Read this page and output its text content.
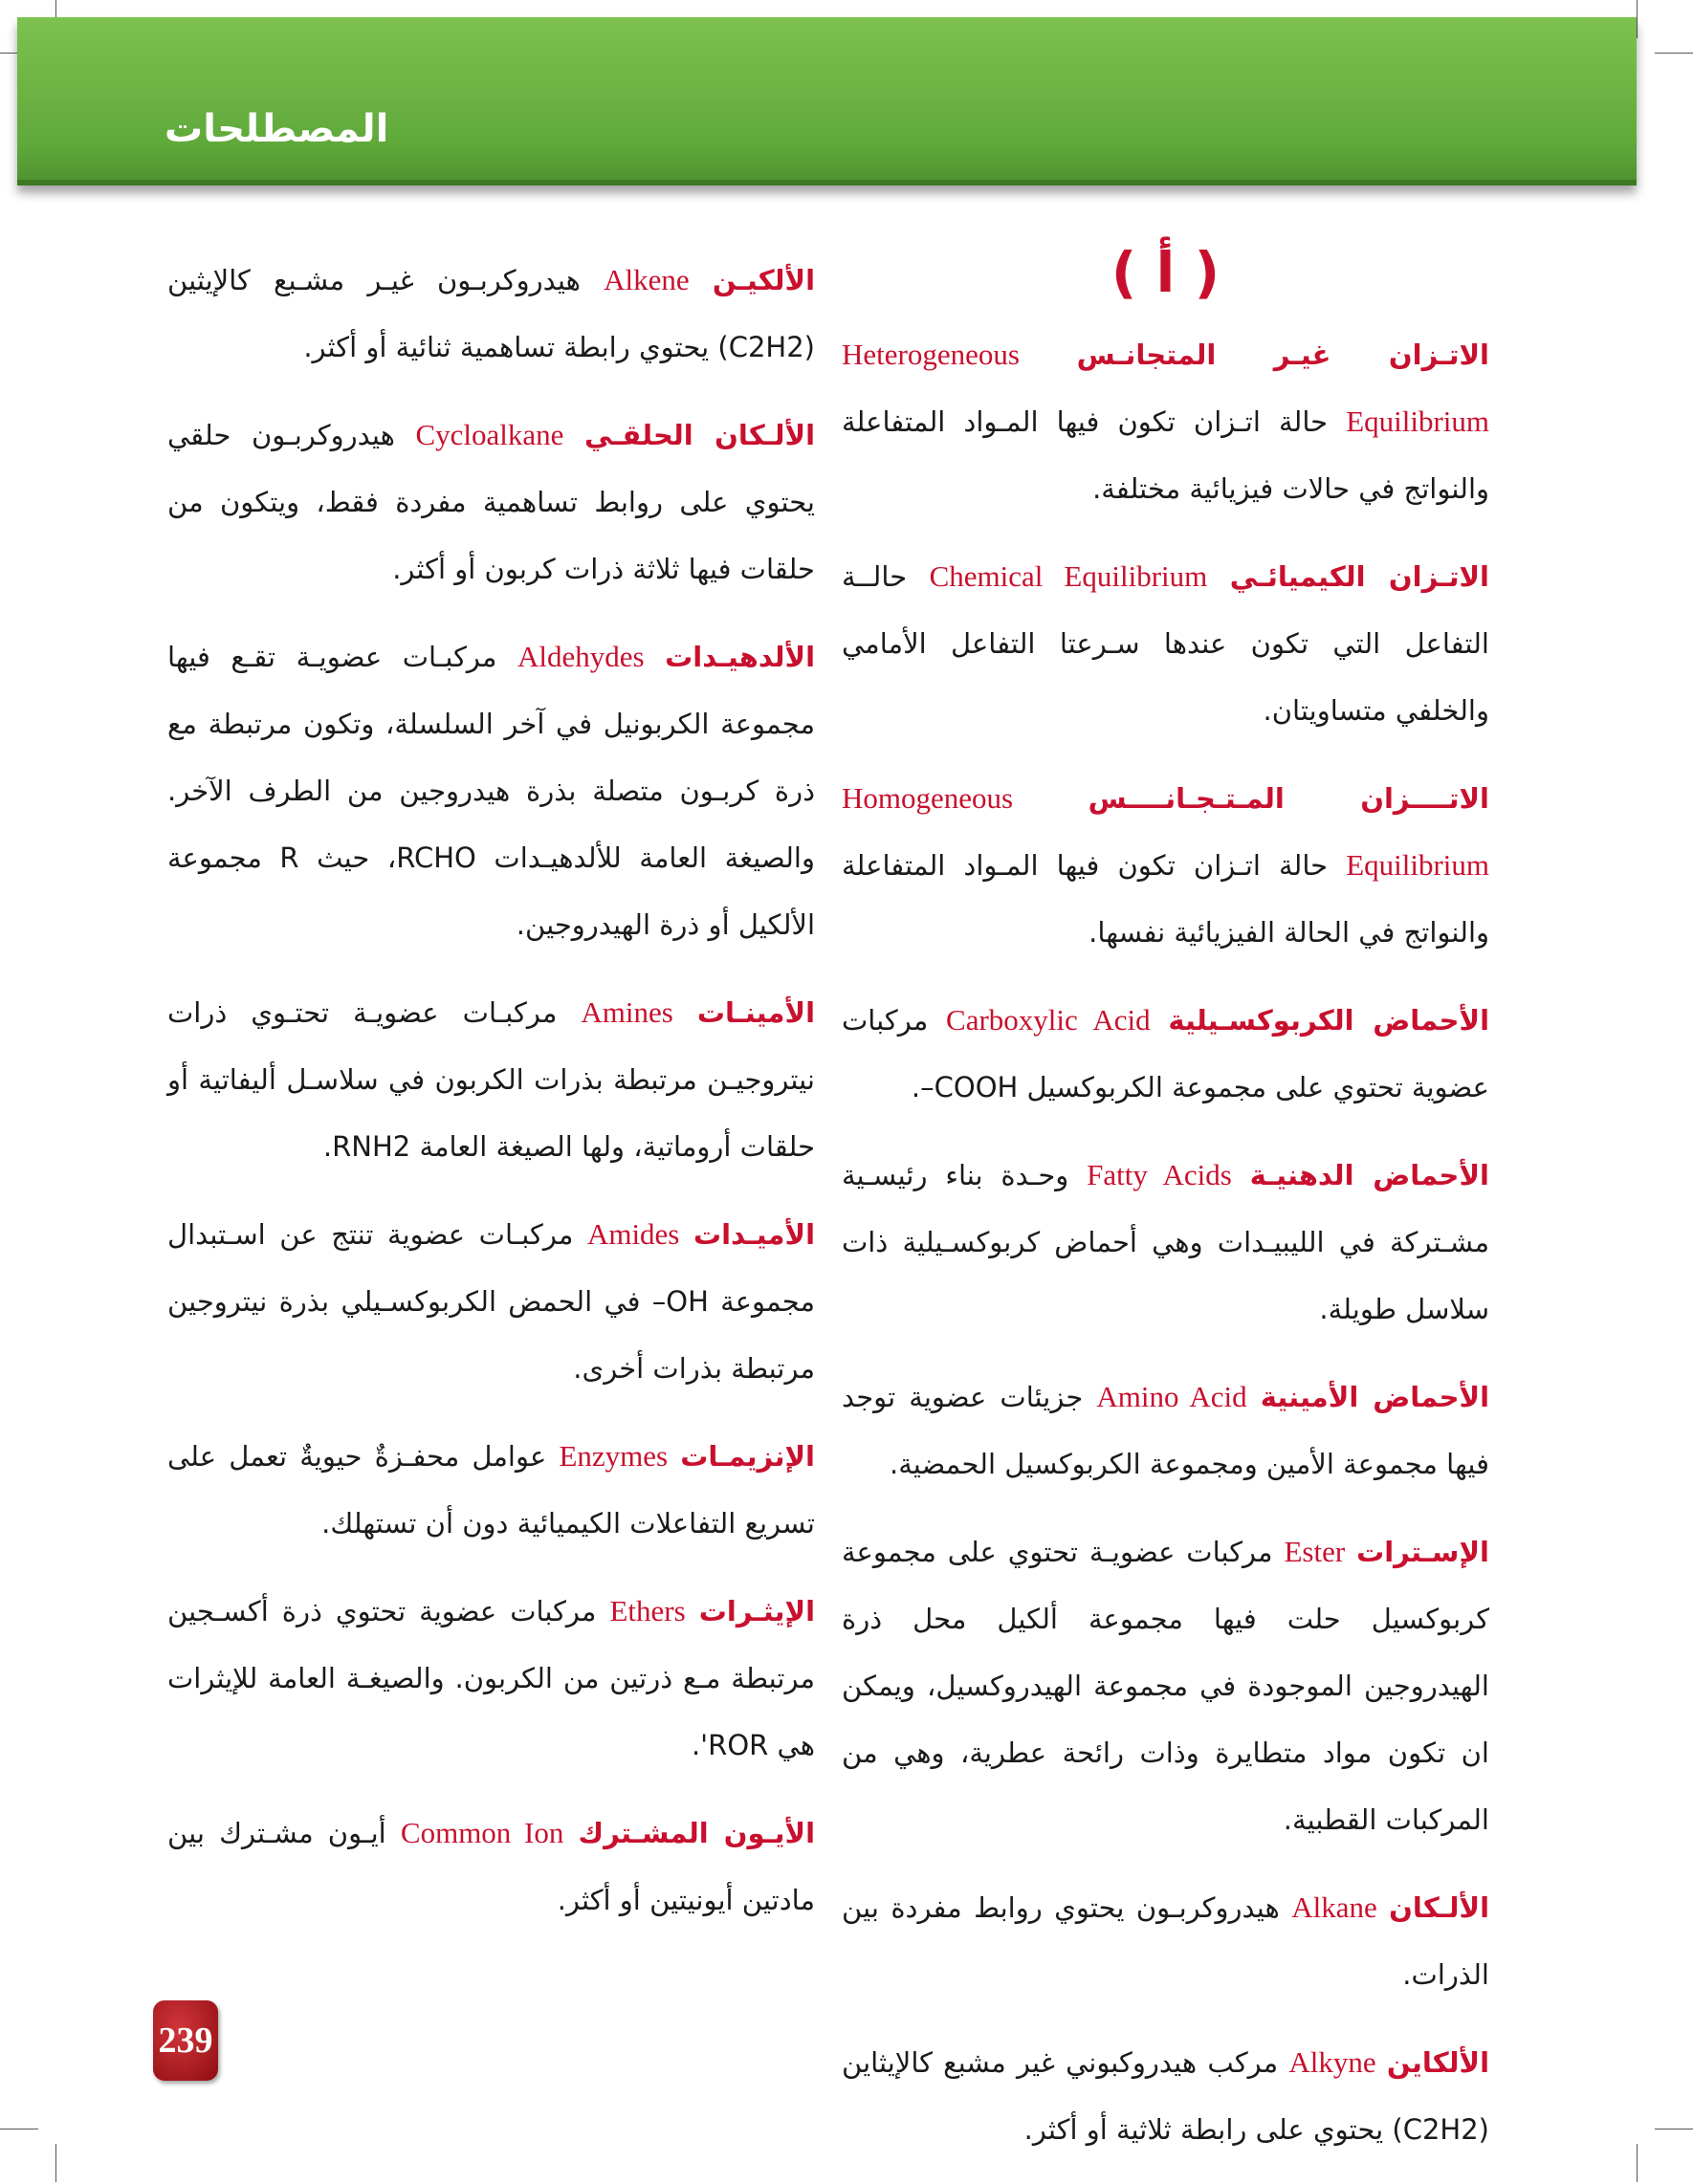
المصطلحات

( أ )

الاتـزان غيـر المتجانـس Heterogeneous Equilibrium حالة اتـزان تكون فيها المـواد المتفاعلة والنواتج في حالات فيزيائية مختلفة.

الاتـزان الكيميائـي Chemical Equilibrium حالــة التفاعل التي تكون عندها سـرعتا التفاعل الأمامي والخلفي متساويتان.

الاتــــزان المـتـجـانــــس Homogeneous Equilibrium حالة اتـزان تكون فيها المـواد المتفاعلة والنواتج في الحالة الفيزيائية نفسها.

الأحماض الكربوكسـيلية Carboxylic Acid مركبات عضوية تحتوي على مجموعة الكربوكسيل COOH–.

الأحماض الدهنيـة Fatty Acids وحـدة بناء رئيسـية مشـتركة في الليبيـدات وهي أحماض كربوكسـيلية ذات سلاسل طويلة.

الأحماض الأمينية Amino Acid جزيئات عضوية توجد فيها مجموعة الأمين ومجموعة الكربوكسيل الحمضية.

الإسـترات Ester مركبات عضويـة تحتوي على مجموعة كربوكسيل حلت فيها مجموعة ألكيل محل ذرة الهيدروجين الموجودة في مجموعة الهيدروكسيل، ويمكن ان تكون مواد متطايرة وذات رائحة عطرية، وهي من المركبات القطبية.

الألـكان Alkane هيدروكربـون يحتوي روابط مفردة بين الذرات.

الألكاين Alkyne مركب هيدروكبوني غير مشبع كالإيثاين (C2H2) يحتوي على رابطة ثلاثية أو أكثر.

الألكيـن Alkene هيدروكربـون غيـر مشـبع كالإيثين (C2H2) يحتوي رابطة تساهمية ثنائية أو أكثر.

الألـكان الحلقـي Cycloalkane هيدروكربـون حلقي يحتوي على روابط تساهمية مفردة فقط، ويتكون من حلقات فيها ثلاثة ذرات كربون أو أكثر.

الألدهيـدات Aldehydes مركبـات عضويـة تقـع فيها مجموعة الكربونيل في آخر السلسلة، وتكون مرتبطة مع ذرة كربـون متصلة بذرة هيدروجين من الطرف الآخر. والصيغة العامة للألدهيـدات RCHO، حيث R مجموعة الألكيل أو ذرة الهيدروجين.

الأمينـات Amines مركبـات عضويـة تحتـوي ذرات نيتروجيـن مرتبطة بذرات الكربون في سلاسـل أليفاتية أو حلقات أروماتية، ولها الصيغة العامة RNH2.

الأميـدات Amides مركبـات عضوية تنتج عن اسـتبدال مجموعة OH– في الحمض الكربوكسـيلي بذرة نيتروجين مرتبطة بذرات أخرى.

الإنزيمـات Enzymes عوامل محفـزةٌ حيويةٌ تعمل على تسريع التفاعلات الكيميائية دون أن تستهلك.

الإيثـرات Ethers مركبات عضوية تحتوي ذرة أكسـجين مرتبطة مـع ذرتين من الكربون. والصيغـة العامة للإيثرات هي ROR'.

الأيـون المشـترك Common Ion أيـون مشـترك بين مادتين أيونيتين أو أكثر.

239
